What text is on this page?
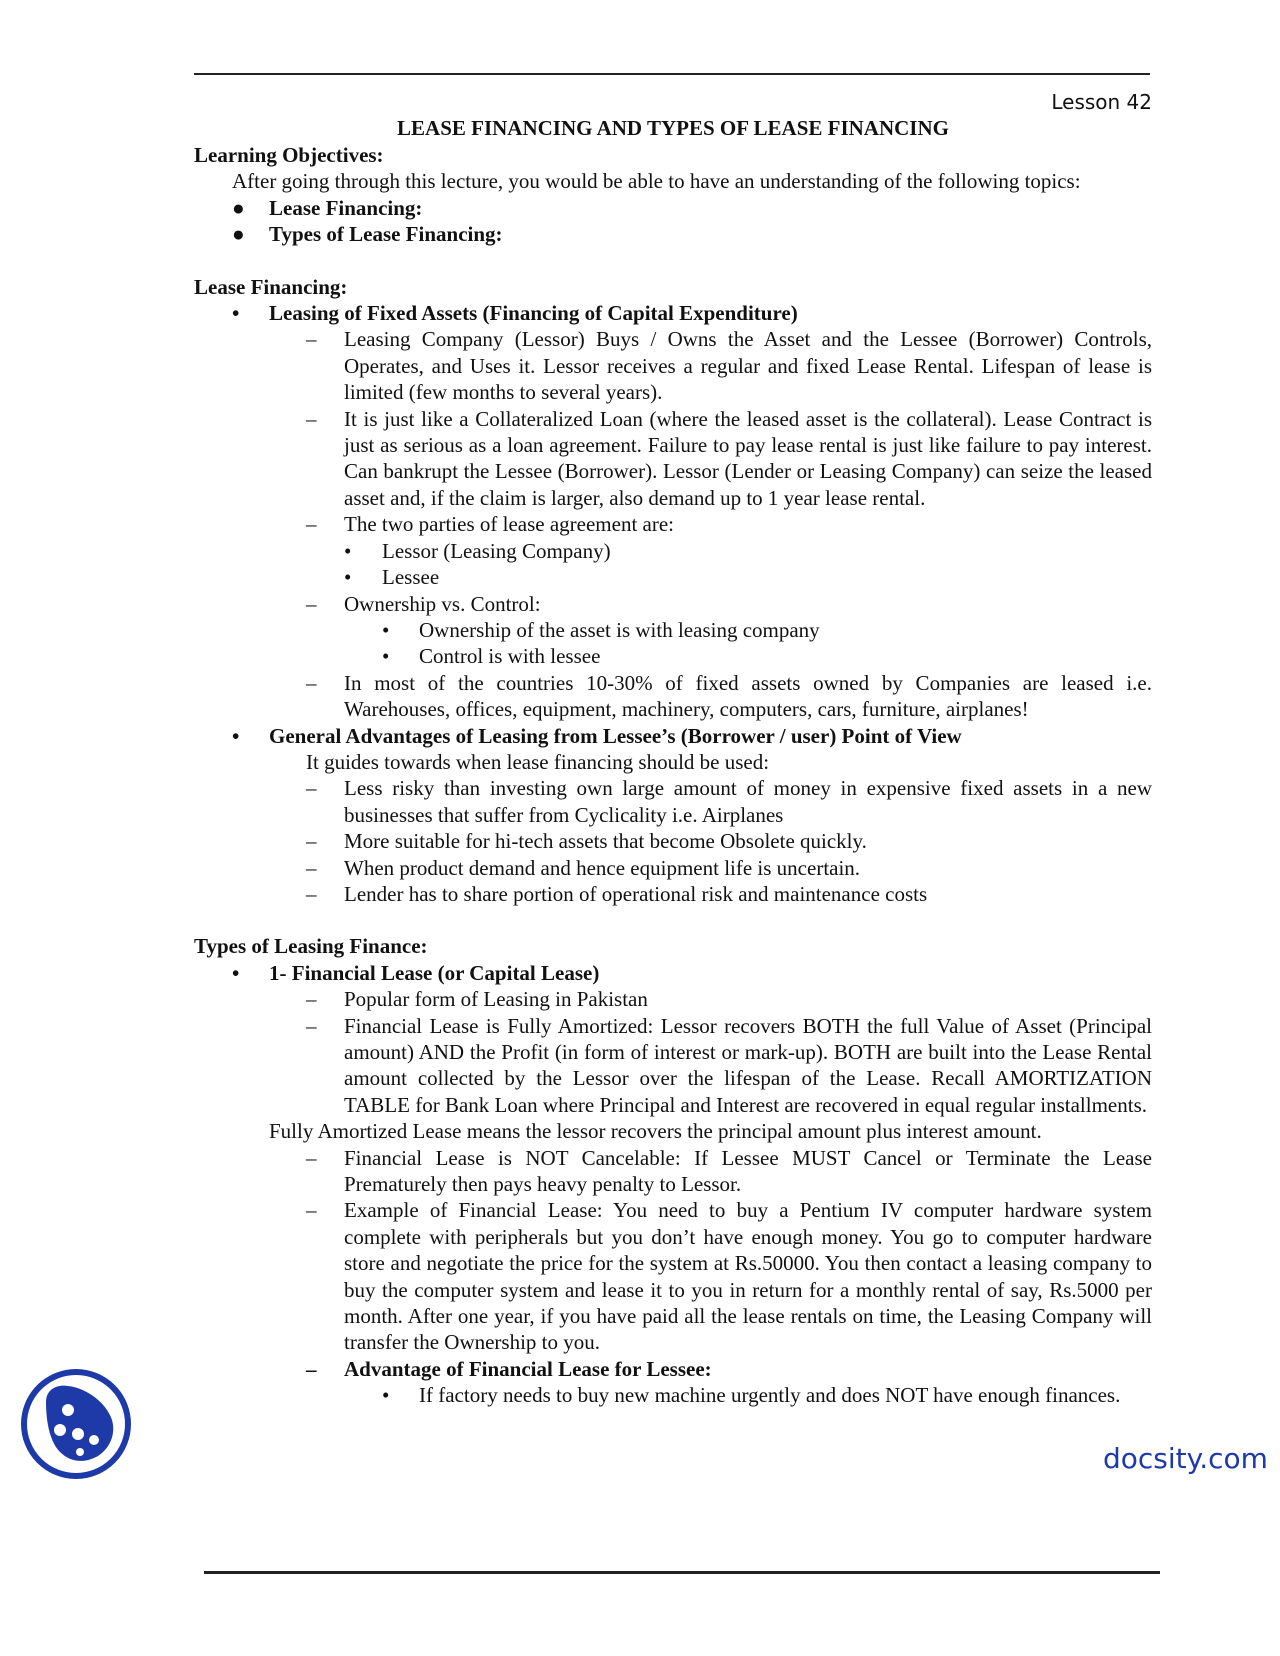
Lesson 42
LEASE FINANCING AND TYPES OF LEASE FINANCING

Learning Objectives:

After going through this lecture, you would be able to have an understanding of the following topics:

● Lease Financing:
● Types of Lease Financing:

Lease Financing:

• Leasing of Fixed Assets (Financing of Capital Expenditure)
– Leasing Company (Lessor) Buys / Owns the Asset and the Lessee (Borrower) Controls, Operates, and Uses it. Lessor receives a regular and fixed Lease Rental. Lifespan of lease is limited (few months to several years).
– It is just like a Collateralized Loan (where the leased asset is the collateral). Lease Contract is just as serious as a loan agreement. Failure to pay lease rental is just like failure to pay interest. Can bankrupt the Lessee (Borrower). Lessor (Lender or Leasing Company) can seize the leased asset and, if the claim is larger, also demand up to 1 year lease rental.
– The two parties of lease agreement are:
• Lessor (Leasing Company)
• Lessee
– Ownership vs. Control:
• Ownership of the asset is with leasing company
• Control is with lessee
– In most of the countries 10-30% of fixed assets owned by Companies are leased i.e. Warehouses, offices, equipment, machinery, computers, cars, furniture, airplanes!
• General Advantages of Leasing from Lessee’s (Borrower / user) Point of View

It guides towards when lease financing should be used:

– Less risky than investing own large amount of money in expensive fixed assets in a new businesses that suffer from Cyclicality i.e. Airplanes
– More suitable for hi-tech assets that become Obsolete quickly.
– When product demand and hence equipment life is uncertain.
– Lender has to share portion of operational risk and maintenance costs

Types of Leasing Finance:

• 1- Financial Lease (or Capital Lease)
– Popular form of Leasing in Pakistan
– Financial Lease is Fully Amortized: Lessor recovers BOTH the full Value of Asset (Principal amount) AND the Profit (in form of interest or mark-up). BOTH are built into the Lease Rental amount collected by the Lessor over the lifespan of the Lease. Recall AMORTIZATION TABLE for Bank Loan where Principal and Interest are recovered in equal regular installments.

Fully Amortized Lease means the lessor recovers the principal amount plus interest amount.

– Financial Lease is NOT Cancelable: If Lessee MUST Cancel or Terminate the Lease Prematurely then pays heavy penalty to Lessor.
– Example of Financial Lease: You need to buy a Pentium IV computer hardware system complete with peripherals but you don’t have enough money. You go to computer hardware store and negotiate the price for the system at Rs.50000. You then contact a leasing company to buy the computer system and lease it to you in return for a monthly rental of say, Rs.5000 per month. After one year, if you have paid all the lease rentals on time, the Leasing Company will transfer the Ownership to you.
– Advantage of Financial Lease for Lessee:
• If factory needs to buy new machine urgently and does NOT have enough finances.
docsity.com
